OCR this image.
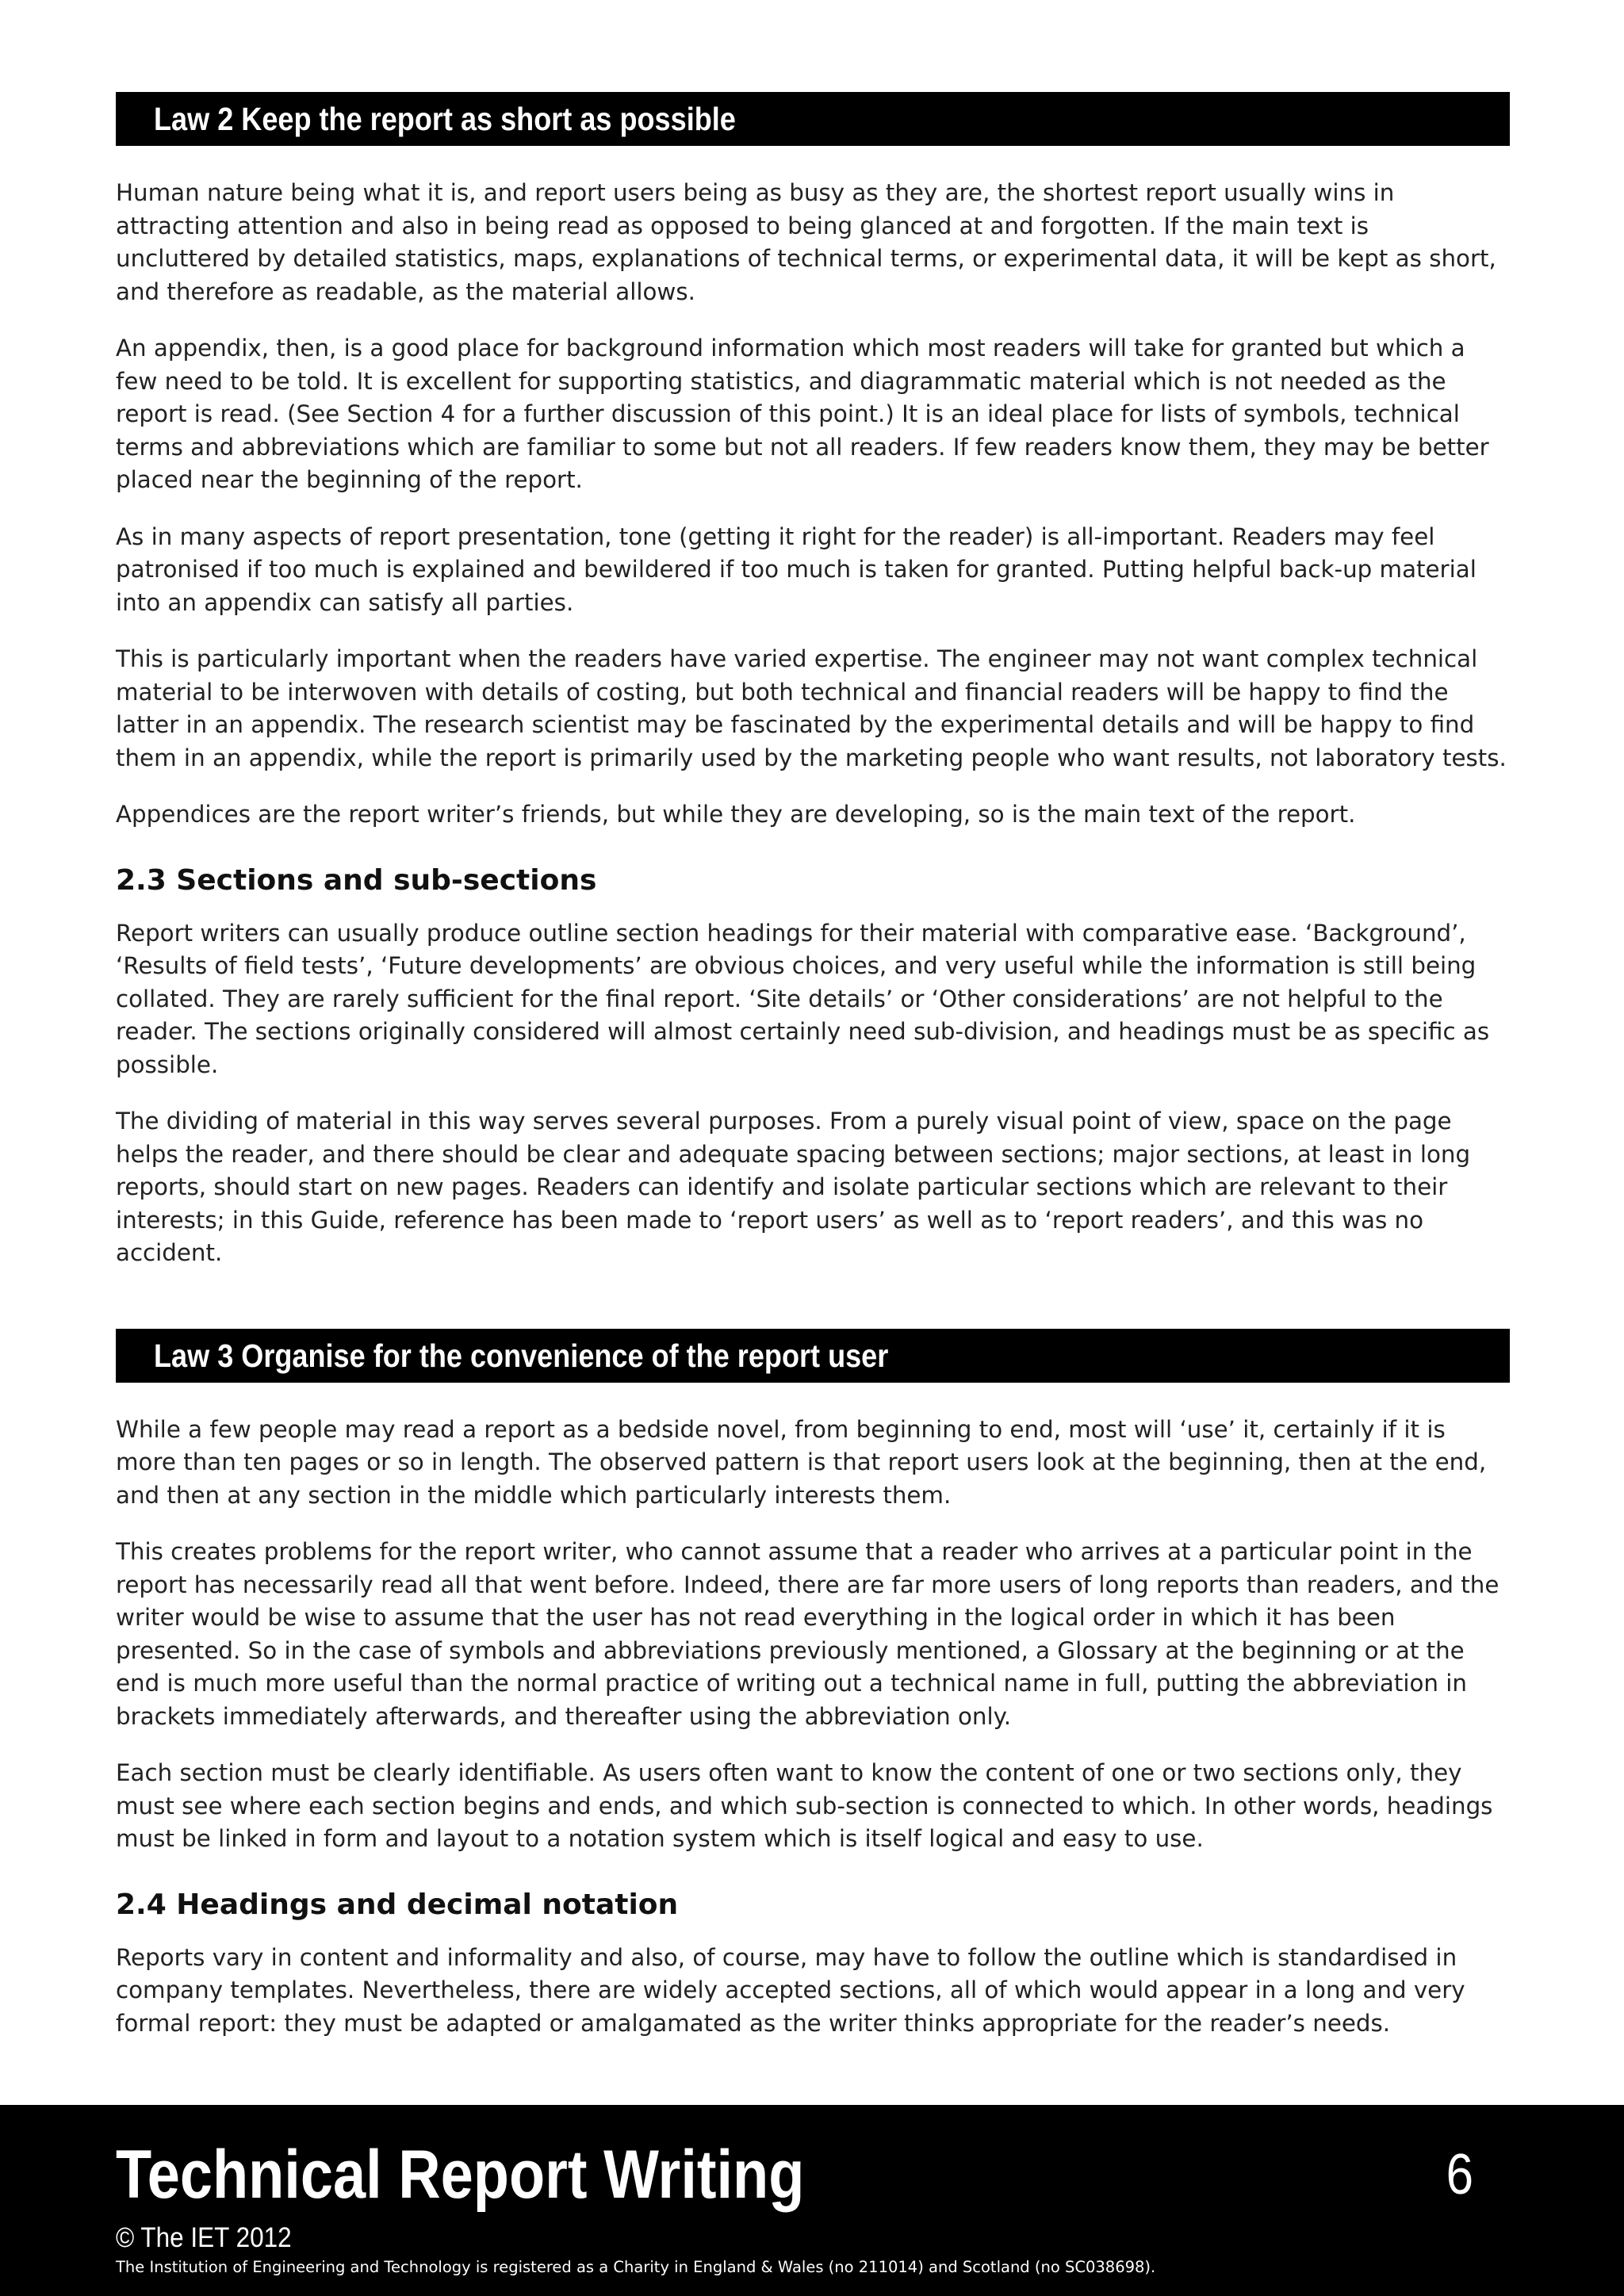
Law 2 Keep the report as short as possible

Human nature being what it is, and report users being as busy as they are, the shortest report usually wins in attracting attention and also in being read as opposed to being glanced at and forgotten. If the main text is uncluttered by detailed statistics, maps, explanations of technical terms, or experimental data, it will be kept as short, and therefore as readable, as the material allows.

An appendix, then, is a good place for background information which most readers will take for granted but which a few need to be told. It is excellent for supporting statistics, and diagrammatic material which is not needed as the report is read. (See Section 4 for a further discussion of this point.) It is an ideal place for lists of symbols, technical terms and abbreviations which are familiar to some but not all readers. If few readers know them, they may be better placed near the beginning of the report.

As in many aspects of report presentation, tone (getting it right for the reader) is all-important. Readers may feel patronised if too much is explained and bewildered if too much is taken for granted. Putting helpful back-up material into an appendix can satisfy all parties.

This is particularly important when the readers have varied expertise. The engineer may not want complex technical material to be interwoven with details of costing, but both technical and financial readers will be happy to find the latter in an appendix. The research scientist may be fascinated by the experimental details and will be happy to find them in an appendix, while the report is primarily used by the marketing people who want results, not laboratory tests.

Appendices are the report writer’s friends, but while they are developing, so is the main text of the report.

2.3 Sections and sub-sections

Report writers can usually produce outline section headings for their material with comparative ease. ‘Background’, ‘Results of field tests’, ‘Future developments’ are obvious choices, and very useful while the information is still being collated. They are rarely sufficient for the final report. ‘Site details’ or ‘Other considerations’ are not helpful to the reader. The sections originally considered will almost certainly need sub-division, and headings must be as specific as possible.

The dividing of material in this way serves several purposes. From a purely visual point of view, space on the page helps the reader, and there should be clear and adequate spacing between sections; major sections, at least in long reports, should start on new pages. Readers can identify and isolate particular sections which are relevant to their interests; in this Guide, reference has been made to ‘report users’ as well as to ‘report readers’, and this was no accident.

Law 3 Organise for the convenience of the report user

While a few people may read a report as a bedside novel, from beginning to end, most will ‘use’ it, certainly if it is more than ten pages or so in length. The observed pattern is that report users look at the beginning, then at the end, and then at any section in the middle which particularly interests them.

This creates problems for the report writer, who cannot assume that a reader who arrives at a particular point in the report has necessarily read all that went before. Indeed, there are far more users of long reports than readers, and the writer would be wise to assume that the user has not read everything in the logical order in which it has been presented. So in the case of symbols and abbreviations previously mentioned, a Glossary at the beginning or at the end is much more useful than the normal practice of writing out a technical name in full, putting the abbreviation in brackets immediately afterwards, and thereafter using the abbreviation only.

Each section must be clearly identifiable. As users often want to know the content of one or two sections only, they must see where each section begins and ends, and which sub-section is connected to which. In other words, headings must be linked in form and layout to a notation system which is itself logical and easy to use.

2.4 Headings and decimal notation

Reports vary in content and informality and also, of course, may have to follow the outline which is standardised in company templates. Nevertheless, there are widely accepted sections, all of which would appear in a long and very formal report: they must be adapted or amalgamated as the writer thinks appropriate for the reader’s needs.

Technical Report Writing	6
© The IET 2012
The Institution of Engineering and Technology is registered as a Charity in England & Wales (no 211014) and Scotland (no SC038698).
